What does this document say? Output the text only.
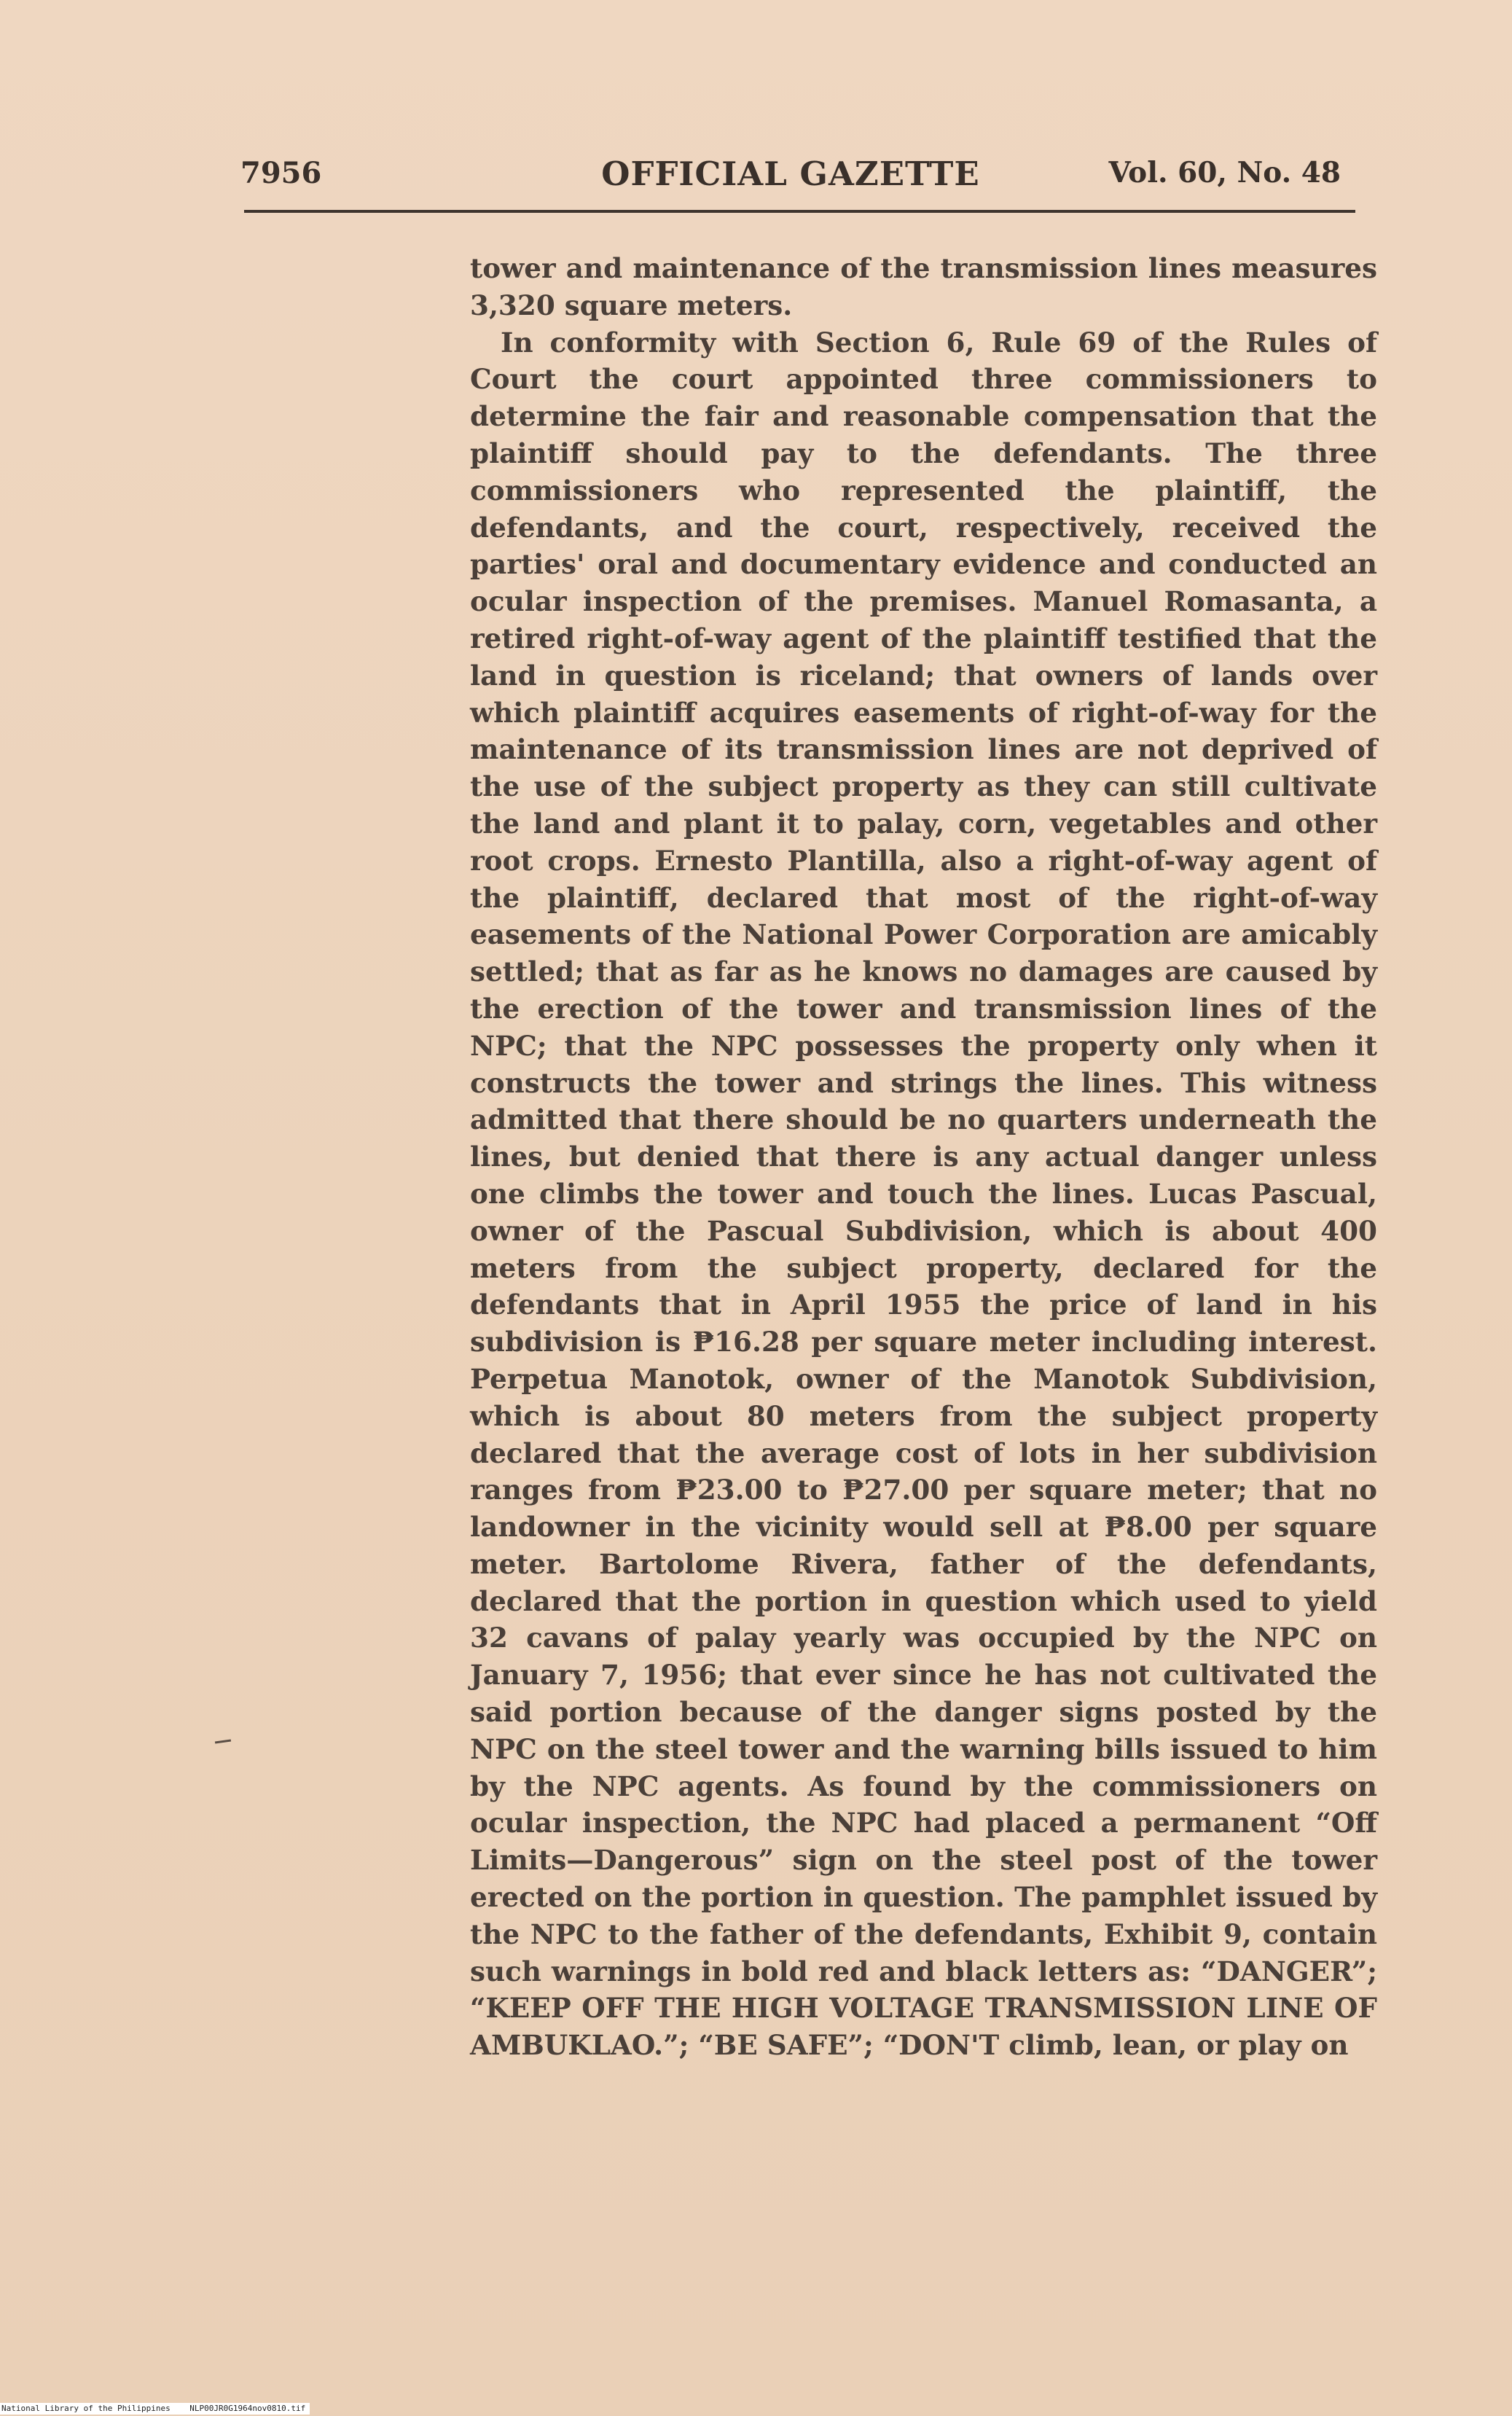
7956	OFFICIAL GAZETTE	Vol. 60, No. 48

tower and maintenance of the transmission lines measures 3,320 square meters.

In conformity with Section 6, Rule 69 of the Rules of Court the court appointed three commissioners to determine the fair and reasonable compensation that the plaintiff should pay to the defendants. The three commissioners who represented the plaintiff, the defendants, and the court, respectively, received the parties' oral and documentary evidence and conducted an ocular inspection of the premises. Manuel Romasanta, a retired right-of-way agent of the plaintiff testified that the land in question is riceland; that owners of lands over which plaintiff acquires easements of right-of-way for the maintenance of its transmission lines are not deprived of the use of the subject property as they can still cultivate the land and plant it to palay, corn, vegetables and other root crops. Ernesto Plantilla, also a right-of-way agent of the plaintiff, declared that most of the right-of-way easements of the National Power Corporation are amicably settled; that as far as he knows no damages are caused by the erection of the tower and transmission lines of the NPC; that the NPC possesses the property only when it constructs the tower and strings the lines. This witness admitted that there should be no quarters underneath the lines, but denied that there is any actual danger unless one climbs the tower and touch the lines. Lucas Pascual, owner of the Pascual Subdivision, which is about 400 meters from the subject property, declared for the defendants that in April 1955 the price of land in his subdivision is ₱16.28 per square meter including interest. Perpetua Manotok, owner of the Manotok Subdivision, which is about 80 meters from the subject property declared that the average cost of lots in her subdivision ranges from ₱23.00 to ₱27.00 per square meter; that no landowner in the vicinity would sell at ₱8.00 per square meter. Bartolome Rivera, father of the defendants, declared that the portion in question which used to yield 32 cavans of palay yearly was occupied by the NPC on January 7, 1956; that ever since he has not cultivated the said portion because of the danger signs posted by the NPC on the steel tower and the warning bills issued to him by the NPC agents. As found by the commissioners on ocular inspection, the NPC had placed a permanent “Off Limits—Dangerous” sign on the steel post of the tower erected on the portion in question. The pamphlet issued by the NPC to the father of the defendants, Exhibit 9, contain such warnings in bold red and black letters as: “DANGER”; “KEEP OFF THE HIGH VOLTAGE TRANSMISSION LINE OF AMBUKLAO.”; “BE SAFE”; “DON'T climb, lean, or play on

National Library of the Philippines    NLP00JR0G1964nov0810.tif
